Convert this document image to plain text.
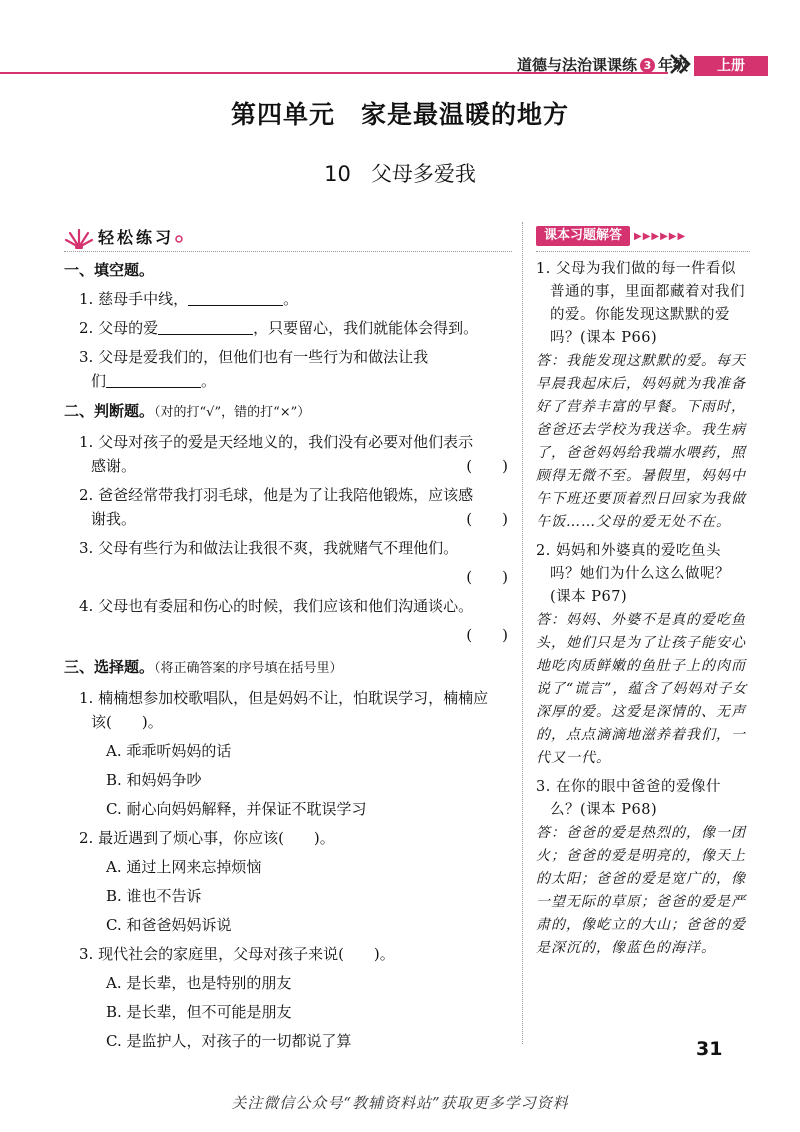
道德与法治课课练 3 年级	上册
第四单元　家是最温暖的地方
10 父母多爱我
轻松练习
一、填空题。
1. 慈母手中线，	。
2. 父母的爱	，只要留心，我们就能体会得到。
3. 父母是爱我们的，但他们也有一些行为和做法让我
们	。
二、判断题。（对的打“√”，错的打“×”）
1. 父母对孩子的爱是天经地义的，我们没有必要对他们表示
感谢。	(　　)
2. 爸爸经常带我打羽毛球，他是为了让我陪他锻炼，应该感
谢我。	(　　)
3. 父母有些行为和做法让我很不爽，我就赌气不理他们。
(　　)
4. 父母也有委屈和伤心的时候，我们应该和他们沟通谈心。
(　　)
三、选择题。（将正确答案的序号填在括号里）
1. 楠楠想参加校歌唱队，但是妈妈不让，怕耽误学习，楠楠应
该(　　)。
A. 乖乖听妈妈的话
B. 和妈妈争吵
C. 耐心向妈妈解释，并保证不耽误学习
2. 最近遇到了烦心事，你应该(　　)。
A. 通过上网来忘掉烦恼
B. 谁也不告诉
C. 和爸爸妈妈诉说
3. 现代社会的家庭里，父母对孩子来说(　　)。
A. 是长辈，也是特别的朋友
B. 是长辈，但不可能是朋友
C. 是监护人，对孩子的一切都说了算
课本习题解答	▶▶▶▶▶▶
1. 父母为我们做的每一件看似普通的事，里面都藏着对我们的爱。你能发现这默默的爱吗？(课本 P66)
答：我能发现这默默的爱。每天早晨我起床后，妈妈就为我准备好了营养丰富的早餐。下雨时，爸爸还去学校为我送伞。我生病了，爸爸妈妈给我端水喂药，照顾得无微不至。暑假里，妈妈中午下班还要顶着烈日回家为我做午饭……父母的爱无处不在。
2. 妈妈和外婆真的爱吃鱼头吗？她们为什么这么做呢？(课本 P67)
答：妈妈、外婆不是真的爱吃鱼头，她们只是为了让孩子能安心地吃肉质鲜嫩的鱼肚子上的肉而说了“谎言”，蕴含了妈妈对子女深厚的爱。这爱是深情的、无声的，点点滴滴地滋养着我们，一代又一代。
3. 在你的眼中爸爸的爱像什么？(课本 P68)
答：爸爸的爱是热烈的，像一团火；爸爸的爱是明亮的，像天上的太阳；爸爸的爱是宽广的，像一望无际的草原；爸爸的爱是严肃的，像屹立的大山；爸爸的爱是深沉的，像蓝色的海洋。
31
关注微信公众号“教辅资料站”获取更多学习资料
